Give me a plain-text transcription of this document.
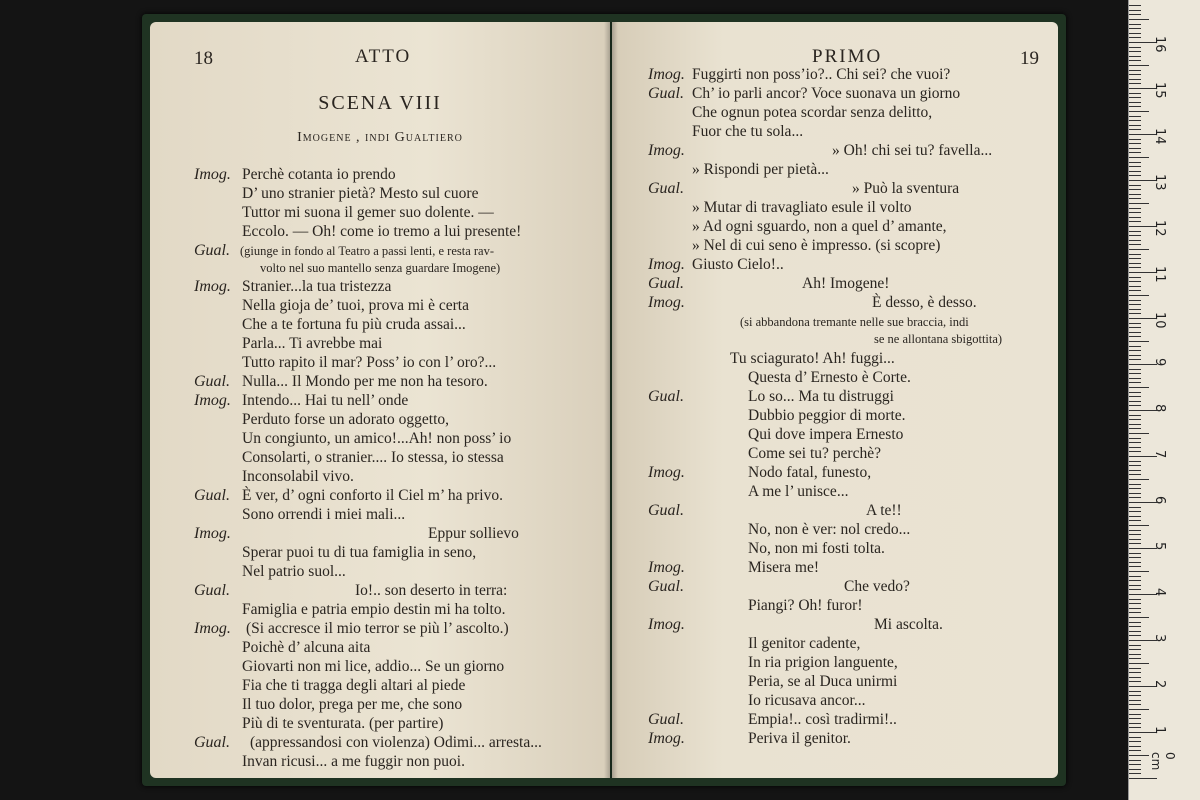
18	ATTO
SCENA VIII
Imogene , indi Gualtiero
Imog. Perchè cotanta io prendo
D’ uno stranier pietà? Mesto sul cuore
Tuttor mi suona il gemer suo dolente. —
Eccolo. — Oh! come io tremo a lui presente!
Gual. (giunge in fondo al Teatro a passi lenti, e resta rav-
volto nel suo mantello senza guardare Imogene)
Imog. Stranier...la tua tristezza
Nella gioja de’ tuoi, prova mi è certa
Che a te fortuna fu più cruda assai...
Parla... Ti avrebbe mai
Tutto rapito il mar? Poss’ io con l’ oro?...
Gual. Nulla... Il Mondo per me non ha tesoro.
Imog. Intendo... Hai tu nell’ onde
Perduto forse un adorato oggetto,
Un congiunto, un amico!...Ah! non poss’ io
Consolarti, o stranier.... Io stessa, io stessa
Inconsolabil vivo.
Gual. È ver, d’ ogni conforto il Ciel m’ ha privo.
Sono orrendi i miei mali...
Imog.	Eppur sollievo
Sperar puoi tu di tua famiglia in seno,
Nel patrio suol...
Gual.	Io!.. son deserto in terra:
Famiglia e patria empio destin mi ha tolto.
Imog. (Si accresce il mio terror se più l’ ascolto.)
Poichè d’ alcuna aita
Giovarti non mi lice, addio... Se un giorno
Fia che ti tragga degli altari al piede
Il tuo dolor, prega per me, che sono
Più di te sventurata. (per partire)
Gual. (appressandosi con violenza) Odimi... arresta...
Invan ricusi... a me fuggir non puoi.
PRIMO	19
Imog. Fuggirti non poss’io?.. Chi sei? che vuoi?
Gual. Ch’ io parli ancor? Voce suonava un giorno
Che ognun potea scordar senza delitto,
Fuor che tu sola...
Imog.	» Oh! chi sei tu? favella...
» Rispondi per pietà...
Gual.	» Può la sventura
» Mutar di travagliato esule il volto
» Ad ogni sguardo, non a quel d’ amante,
» Nel di cui seno è impresso. (si scopre)
Imog. Giusto Cielo!..
Gual.	Ah! Imogene!
Imog.	È desso, è desso.
(si abbandona tremante nelle sue braccia, indi
se ne allontana sbigottita)
Tu sciagurato! Ah! fuggi...
Questa d’ Ernesto è Corte.
Gual.	Lo so... Ma tu distruggi
Dubbio peggior di morte.
Qui dove impera Ernesto
Come sei tu? perchè?
Imog.	Nodo fatal, funesto,
A me l’ unisce...
Gual.	A te!!
No, non è ver: nol credo...
No, non mi fosti tolta.
Imog.	Misera me!
Gual.	Che vedo?
Piangi? Oh! furor!
Imog.	Mi ascolta.
Il genitor cadente,
In ria prigion languente,
Peria, se al Duca unirmi
Io ricusava ancor...
Gual.	Empia!.. così tradirmi!..
Imog.	Periva il genitor.
16
15
14
13
12
11
10
9
8
7
6
5
4
3
2
1
0 cm
